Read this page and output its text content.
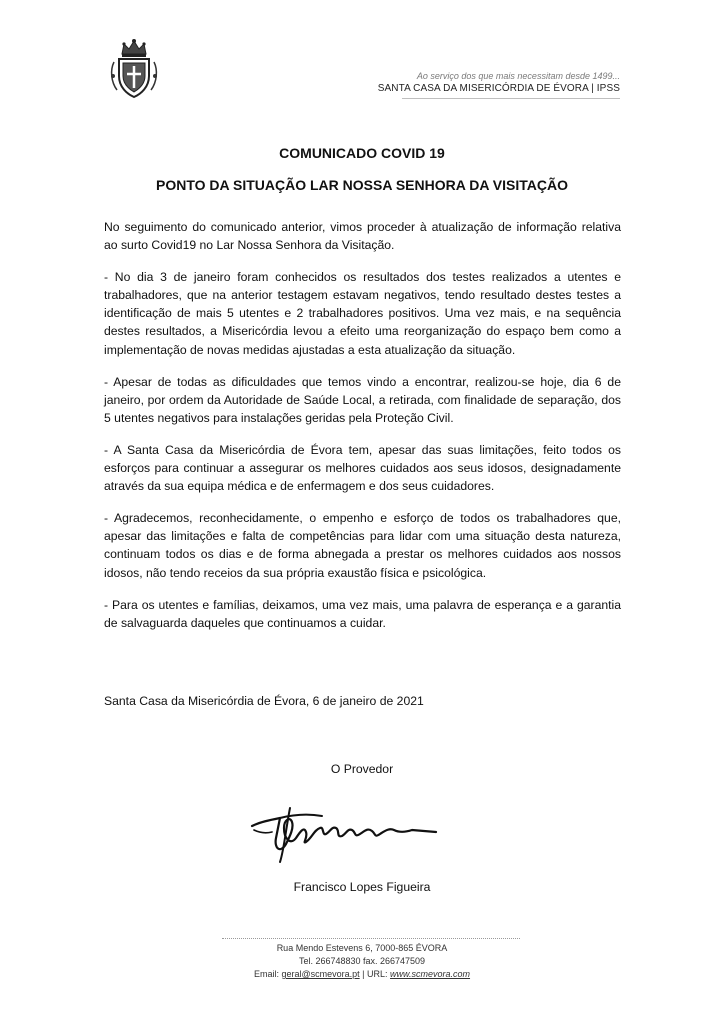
Ao serviço dos que mais necessitam desde 1499...
SANTA CASA DA MISERICÓRDIA DE ÉVORA | IPSS
COMUNICADO COVID 19
PONTO DA SITUAÇÃO LAR NOSSA SENHORA DA VISITAÇÃO

No seguimento do comunicado anterior, vimos proceder à atualização de informação relativa ao surto Covid19 no Lar Nossa Senhora da Visitação.

- No dia 3 de janeiro foram conhecidos os resultados dos testes realizados a utentes e trabalhadores, que na anterior testagem estavam negativos, tendo resultado destes testes a identificação de mais 5 utentes e 2 trabalhadores positivos. Uma vez mais, e na sequência destes resultados, a Misericórdia levou a efeito uma reorganização do espaço bem como a implementação de novas medidas ajustadas a esta atualização da situação.

- Apesar de todas as dificuldades que temos vindo a encontrar, realizou-se hoje, dia 6 de janeiro, por ordem da Autoridade de Saúde Local, a retirada, com finalidade de separação, dos 5 utentes negativos para instalações geridas pela Proteção Civil.

- A Santa Casa da Misericórdia de Évora tem, apesar das suas limitações, feito todos os esforços para continuar a assegurar os melhores cuidados aos seus idosos, designadamente através da sua equipa médica e de enfermagem e dos seus cuidadores.

- Agradecemos, reconhecidamente, o empenho e esforço de todos os trabalhadores que, apesar das limitações e falta de competências para lidar com uma situação desta natureza, continuam todos os dias e de forma abnegada a prestar os melhores cuidados aos nossos idosos, não tendo receios da sua própria exaustão física e psicológica.

- Para os utentes e famílias, deixamos, uma vez mais, uma palavra de esperança e a garantia de salvaguarda daqueles que continuamos a cuidar.

Santa Casa da Misericórdia de Évora, 6 de janeiro de 2021
O Provedor
Francisco Lopes Figueira
Rua Mendo Estevens 6, 7000-865 ÉVORA
Tel. 266748830 fax. 266747509
Email: geral@scmevora.pt | URL: www.scmevora.com
